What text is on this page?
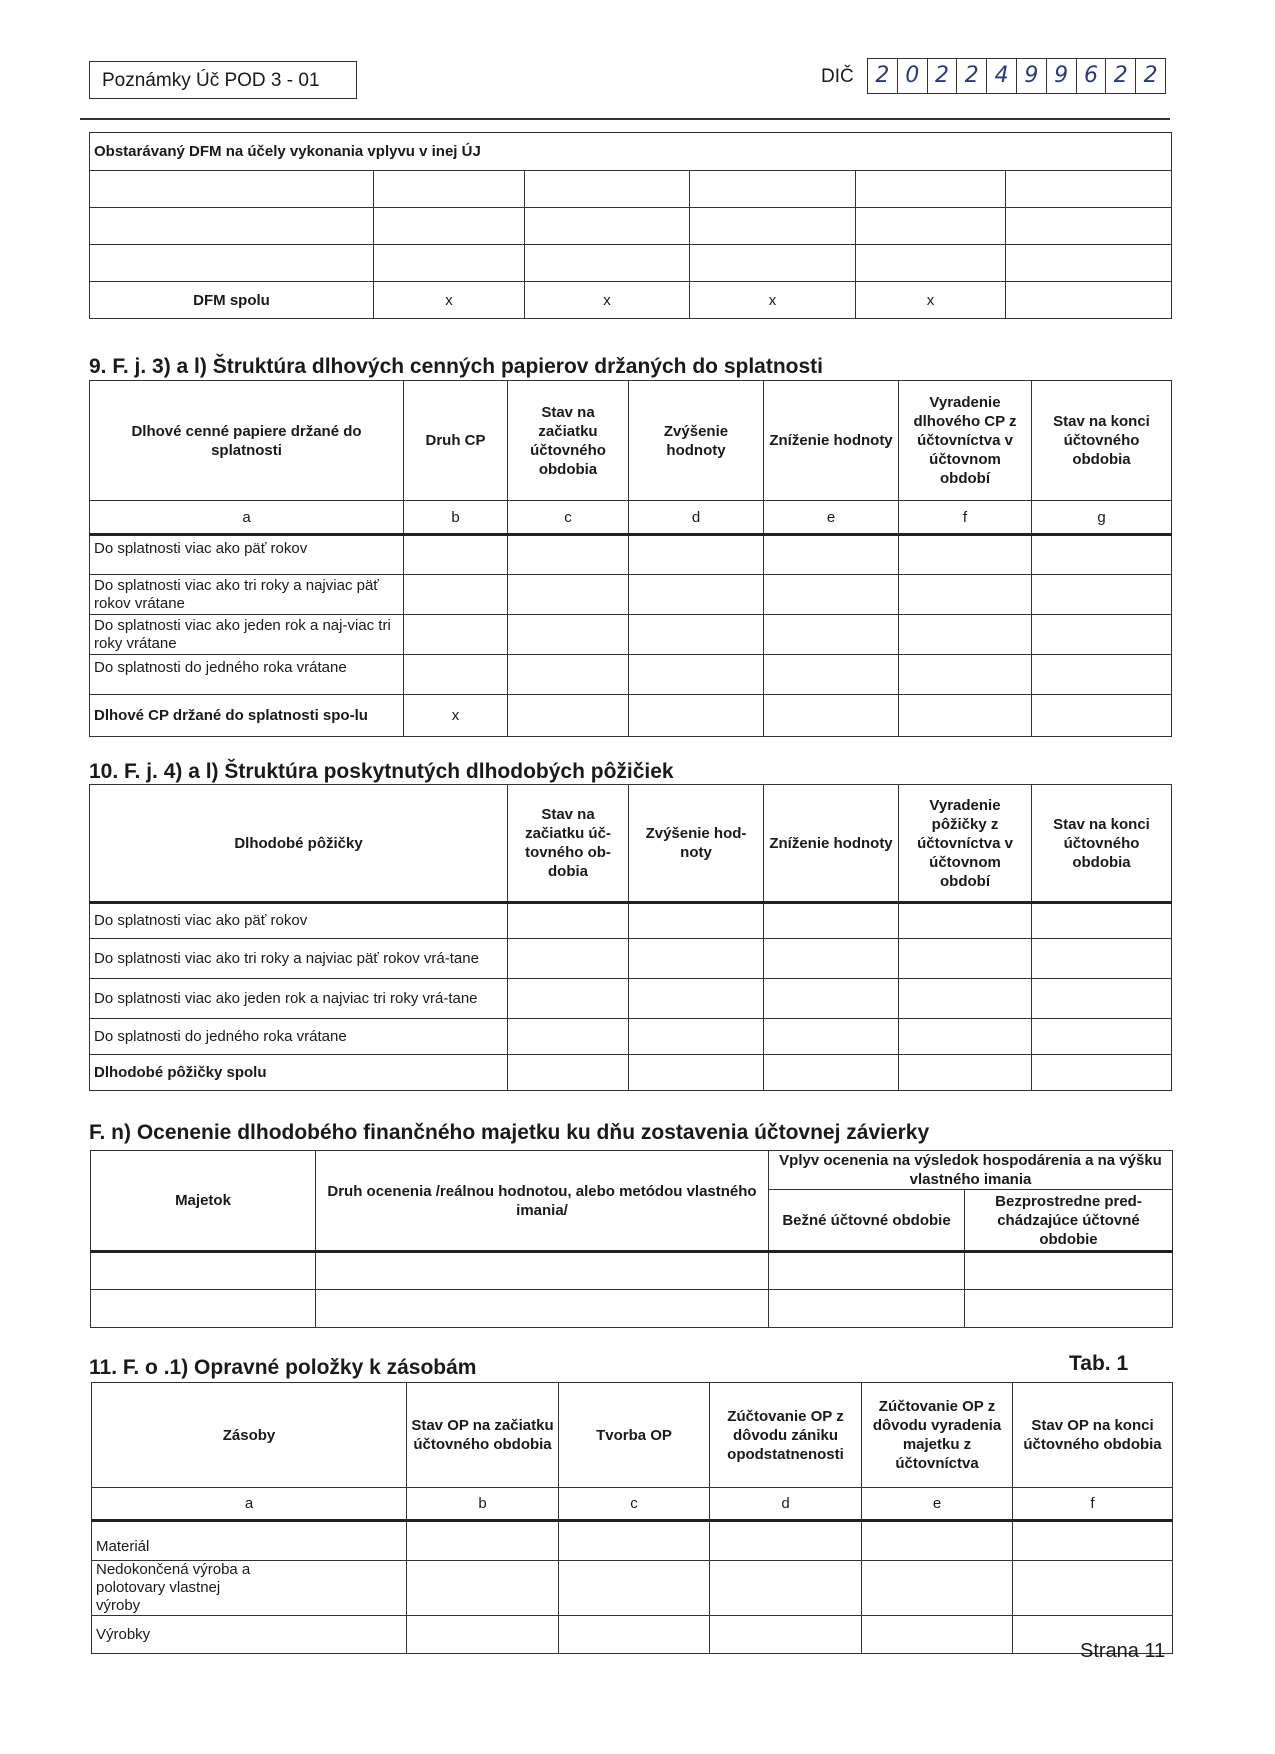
Poznámky Úč POD 3 - 01	DIČ 2 0 2 2 4 9 9 6 2 2
Obstarávaný DFM na účely vykonania vplyvu v inej ÚJ					

DFM spolu	x	x	x	x	
9. F. j. 3) a l) Štruktúra dlhových cenných papierov držaných do splatnosti
Dlhové cenné papiere držané do splatnosti	Druh CP	Stav na začiatku účtovného obdobia	Zvýšenie hodnoty	Zníženie hodnoty	Vyradenie dlhového CP z účtovníctva v účtovnom období	Stav na konci účtovného obdobia
a	b	c	d	e	f	g
Do splatnosti viac ako päť rokov						
Do splatnosti viac ako tri roky a najviac päť rokov vrátane						
Do splatnosti viac ako jeden rok a naj-viac tri roky vrátane						
Do splatnosti do jedného roka vrátane						
Dlhové CP držané do splatnosti spo-lu	x					
10. F. j. 4) a l) Štruktúra poskytnutých dlhodobých pôžičiek
Dlhodobé pôžičky	Stav na začiatku úč-tovného ob-dobia	Zvýšenie hod-noty	Zníženie hodnoty	Vyradenie pôžičky z účtovníctva v účtovnom období	Stav na konci účtovného obdobia
Do splatnosti viac ako päť rokov					
Do splatnosti viac ako tri roky a najviac päť rokov vrá-tane					
Do splatnosti viac ako jeden rok a najviac tri roky vrá-tane					
Do splatnosti do jedného roka vrátane					
Dlhodobé pôžičky spolu					
F. n) Ocenenie dlhodobého finančného majetku ku dňu zostavenia účtovnej závierky
Majetok	Druh ocenenia /reálnou hodnotou, alebo metódou vlastného imania/	Vplyv ocenenia na výsledok hospodárenia a na výšku vlastného imania	
		Bežné účtovné obdobie	Bezprostredne pred-chádzajúce účtovné obdobie

11. F. o .1) Opravné položky k zásobám	Tab. 1
Zásoby	Stav OP na začiatku účtovného obdobia	Tvorba OP	Zúčtovanie OP z dôvodu zániku opodstatnenosti	Zúčtovanie OP z dôvodu vyradenia majetku z účtovníctva	Stav OP na konci účtovného obdobia
a	b	c	d	e	f
Materiál					
Nedokončená výroba a polotovary vlastnej výroby					
Výrobky					
Strana 11
